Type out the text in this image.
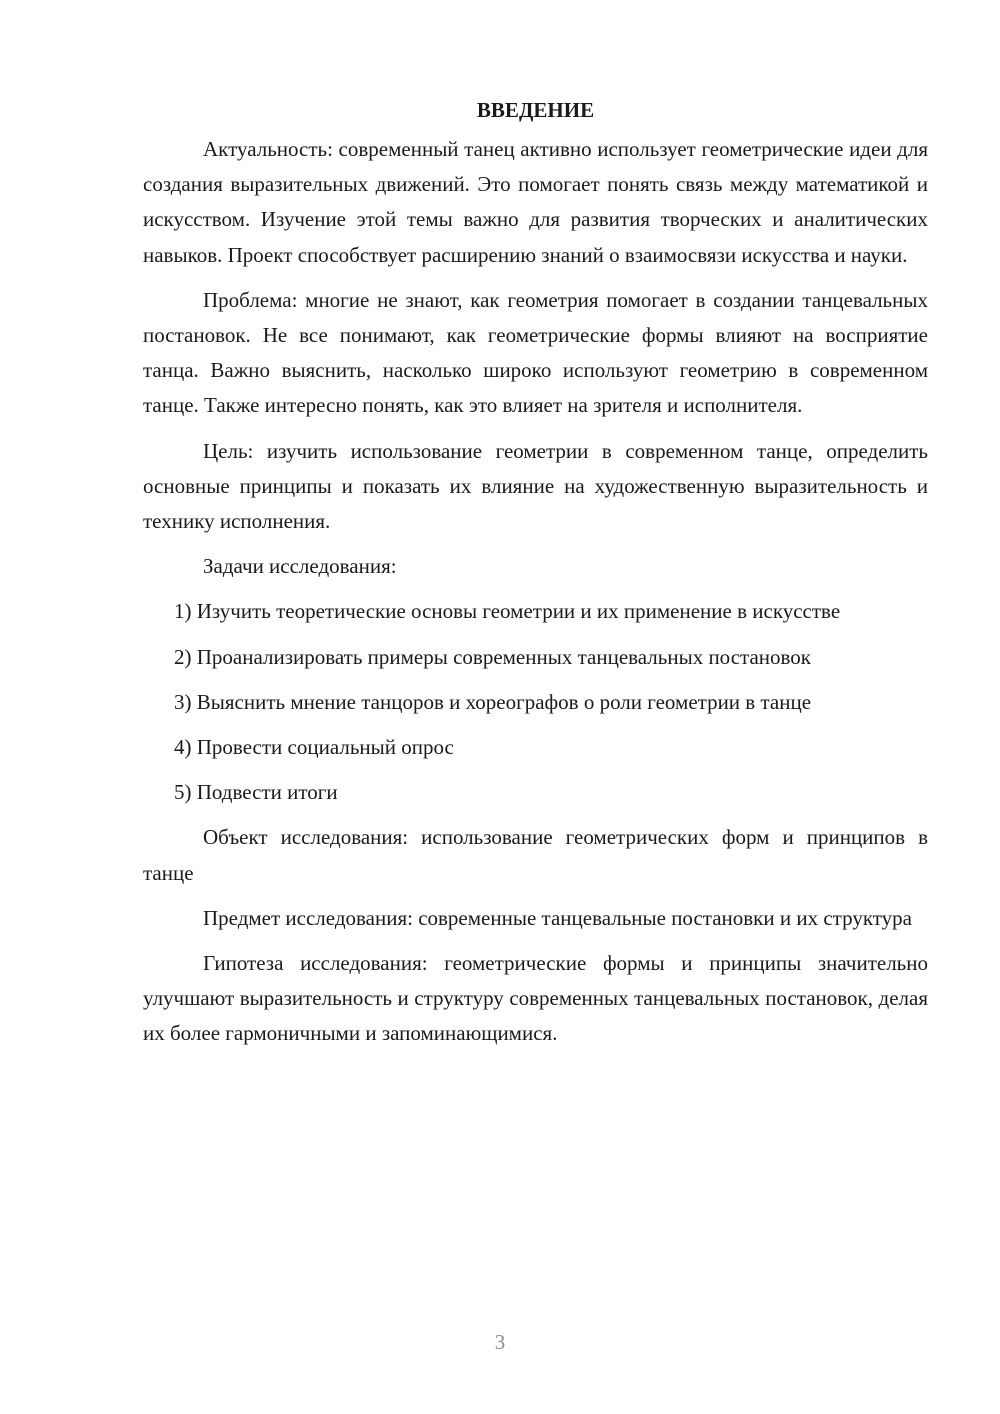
ВВЕДЕНИЕ

Актуальность: современный танец активно использует геометрические идеи для создания выразительных движений. Это помогает понять связь между математикой и искусством. Изучение этой темы важно для развития творческих и аналитических навыков. Проект способствует расширению знаний о взаимосвязи искусства и науки.

Проблема: многие не знают, как геометрия помогает в создании танцевальных постановок. Не все понимают, как геометрические формы влияют на восприятие танца. Важно выяснить, насколько широко используют геометрию в современном танце. Также интересно понять, как это влияет на зрителя и исполнителя.

Цель: изучить использование геометрии в современном танце, определить основные принципы и показать их влияние на художественную выразительность и технику исполнения.

Задачи исследования:

1) Изучить теоретические основы геометрии и их применение в искусстве

2) Проанализировать примеры современных танцевальных постановок

3) Выяснить мнение танцоров и хореографов о роли геометрии в танце

4) Провести социальный опрос

5) Подвести итоги

Объект исследования: использование геометрических форм и принципов в танце

Предмет исследования: современные танцевальные постановки и их структура

Гипотеза исследования: геометрические формы и принципы значительно улучшают выразительность и структуру современных танцевальных постановок, делая их более гармоничными и запоминающимися.

3
